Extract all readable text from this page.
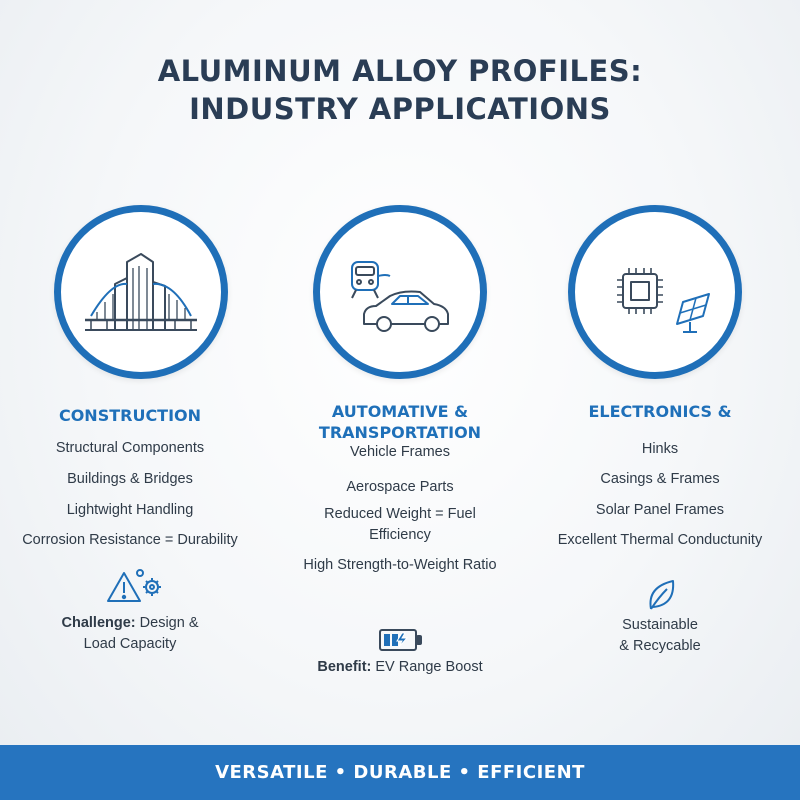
ALUMINUM ALLOY PROFILES:
INDUSTRY APPLICATIONS
CONSTRUCTION
Structural Components
Buildings & Bridges
Lightwight Handling
Corrosion Resistance = Durability
Challenge: Design &
Load Capacity
AUTOMATIVE &
TRANSPORTATION
Vehicle Frames
Aerospace Parts
Reduced Weight = Fuel
Efficiency
High Strength-to-Weight Ratio
Benefit: EV Range Boost
ELECTRONICS &
Hinks
Casings & Frames
Solar Panel Frames
Excellent Thermal Conductunity
Sustainable
& Recycable
VERSATILE • DURABLE • EFFICIENT
